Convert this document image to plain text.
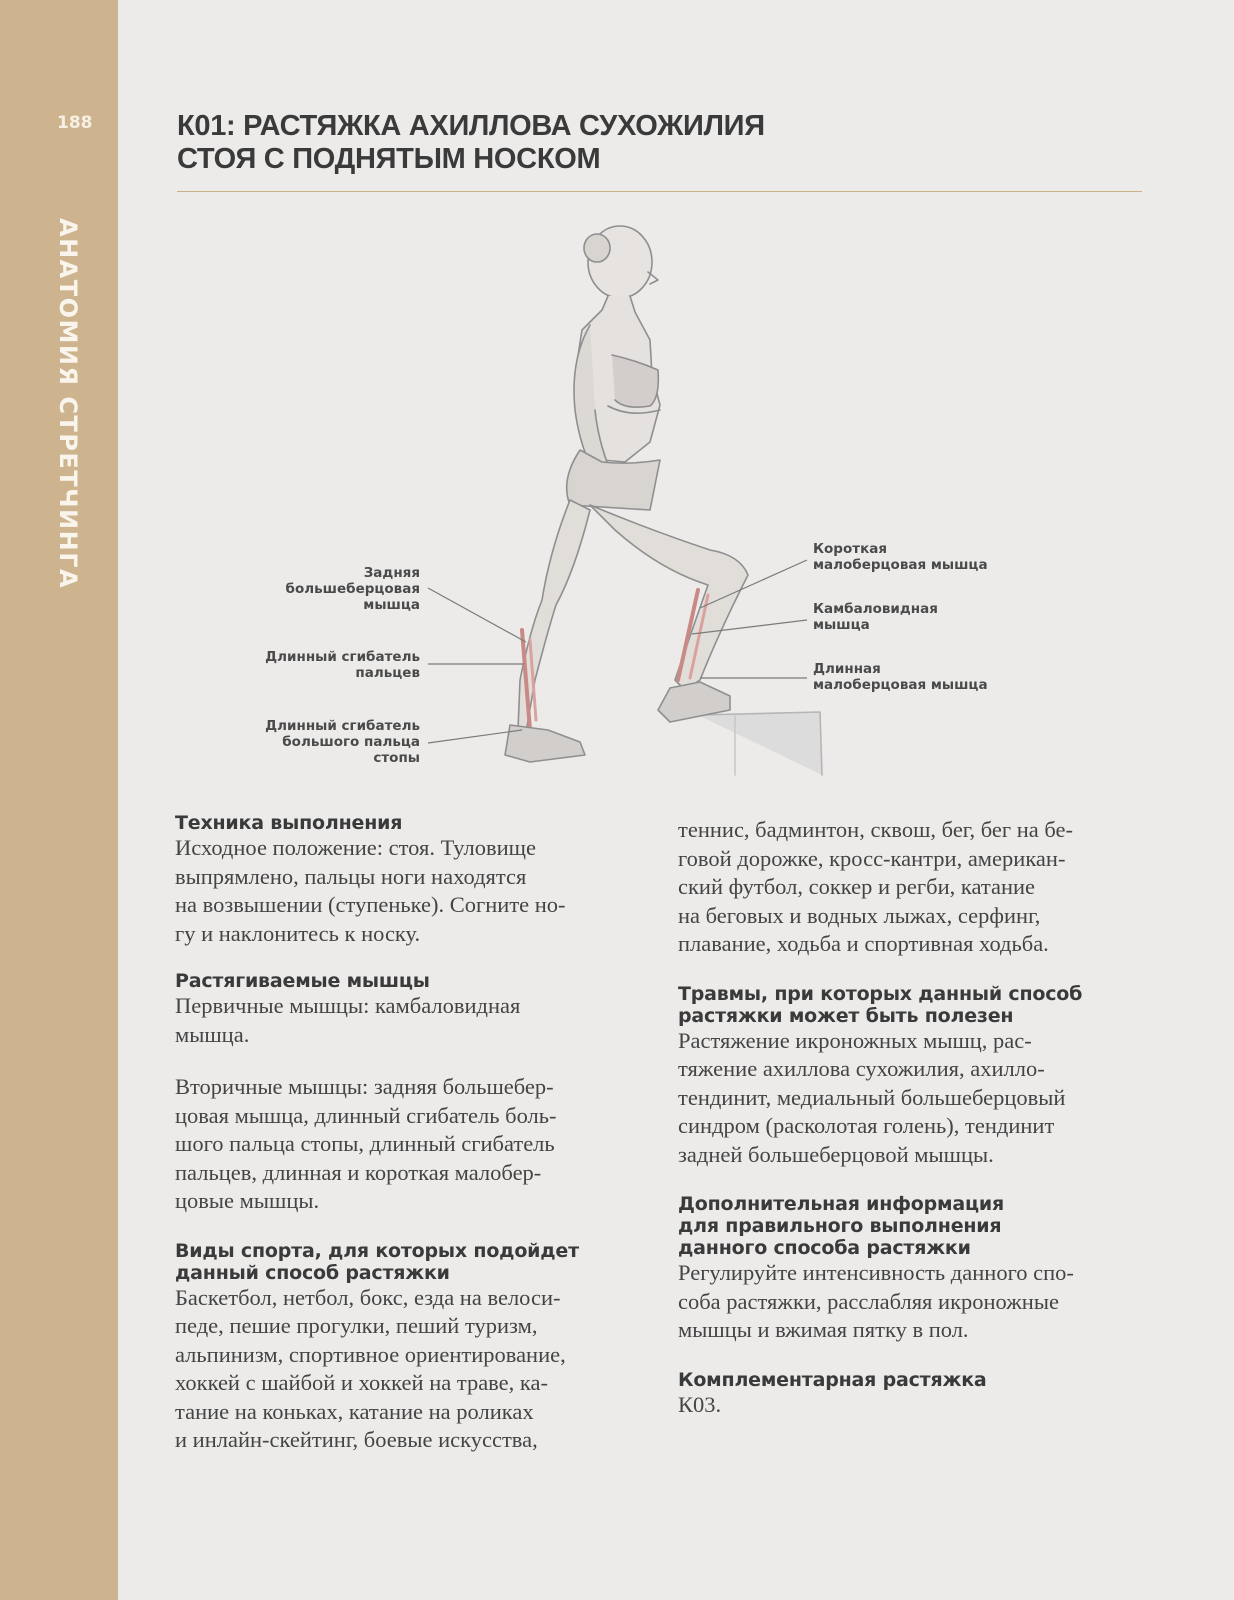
188
АНАТОМИЯ СТРЕТЧИНГА
К01: РАСТЯЖКА АХИЛЛОВА СУХОЖИЛИЯ
СТОЯ С ПОДНЯТЫМ НОСКОМ
Задняя
большеберцовая
мышца
Длинный сгибатель
пальцев
Длинный сгибатель
большого пальца
стопы
Короткая
малоберцовая мышца
Камбаловидная
мышца
Длинная
малоберцовая мышца
Техника выполнения

Исходное положение: стоя. Туловище
выпрямлено, пальцы ноги находятся
на возвышении (ступеньке). Согните но-
гу и наклонитесь к носку.

Растягиваемые мышцы

Первичные мышцы: камбаловидная
мышца.

Вторичные мышцы: задняя большебер-
цовая мышца, длинный сгибатель боль-
шого пальца стопы, длинный сгибатель
пальцев, длинная и короткая малобер-
цовые мышцы.

Виды спорта, для которых подойдет
данный способ растяжки

Баскетбол, нетбол, бокс, езда на велоси-
педе, пешие прогулки, пеший туризм,
альпинизм, спортивное ориентирование,
хоккей с шайбой и хоккей на траве, ка-
тание на коньках, катание на роликах
и инлайн-скейтинг, боевые искусства,

теннис, бадминтон, сквош, бег, бег на бе-
говой дорожке, кросс-кантри, американ-
ский футбол, соккер и регби, катание
на беговых и водных лыжах, серфинг,
плавание, ходьба и спортивная ходьба.

Травмы, при которых данный способ
растяжки может быть полезен

Растяжение икроножных мышц, рас-
тяжение ахиллова сухожилия, ахилло-
тендинит, медиальный большеберцовый
синдром (расколотая голень), тендинит
задней большеберцовой мышцы.

Дополнительная информация
для правильного выполнения
данного способа растяжки

Регулируйте интенсивность данного спо-
соба растяжки, расслабляя икроножные
мышцы и вжимая пятку в пол.

Комплементарная растяжка

К03.
